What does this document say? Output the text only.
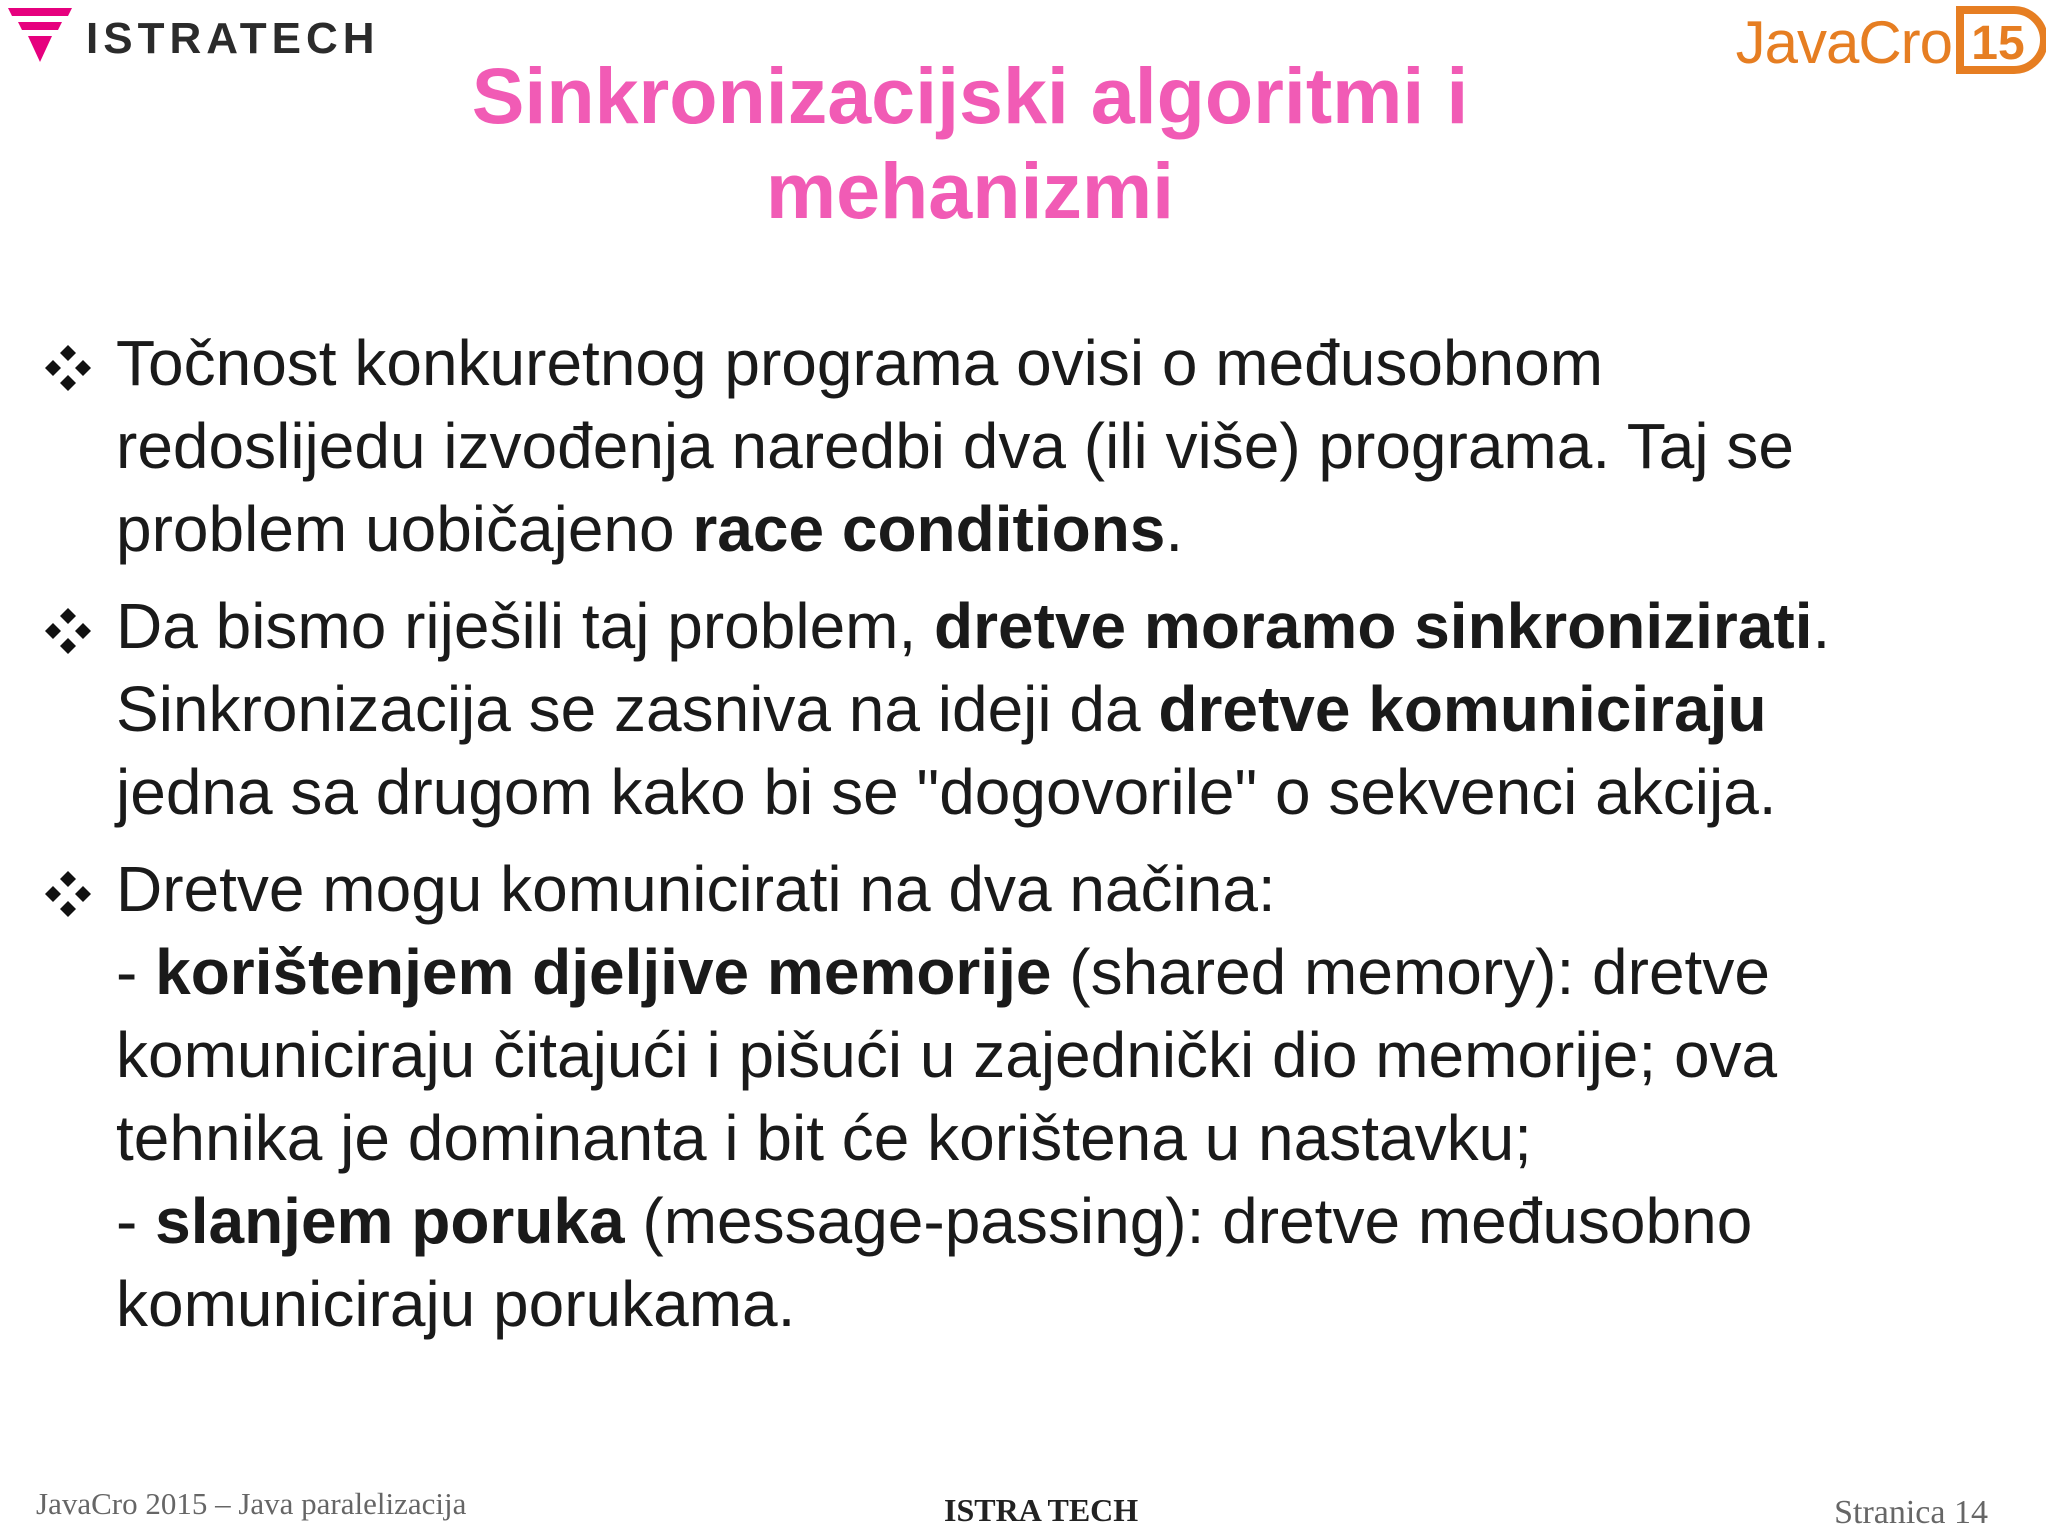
ISTRATECH	JavaCro 15
Sinkronizacijski algoritmi i
mehanizmi
Točnost konkuretnog programa ovisi o međusobnom
redoslijedu izvođenja naredbi dva (ili više) programa. Taj se
problem uobičajeno race conditions.
Da bismo riješili taj problem, dretve moramo sinkronizirati.
Sinkronizacija se zasniva na ideji da dretve komuniciraju
jedna sa drugom kako bi se "dogovorile" o sekvenci akcija.
Dretve mogu komunicirati na dva načina:
- korištenjem djeljive memorije (shared memory): dretve
komuniciraju čitajući i pišući u zajednički dio memorije; ova
tehnika je dominanta i bit će korištena u nastavku;
- slanjem poruka (message-passing): dretve međusobno
komuniciraju porukama.
JavaCro 2015 – Java paralelizacija	ISTRA TECH	Stranica 14
